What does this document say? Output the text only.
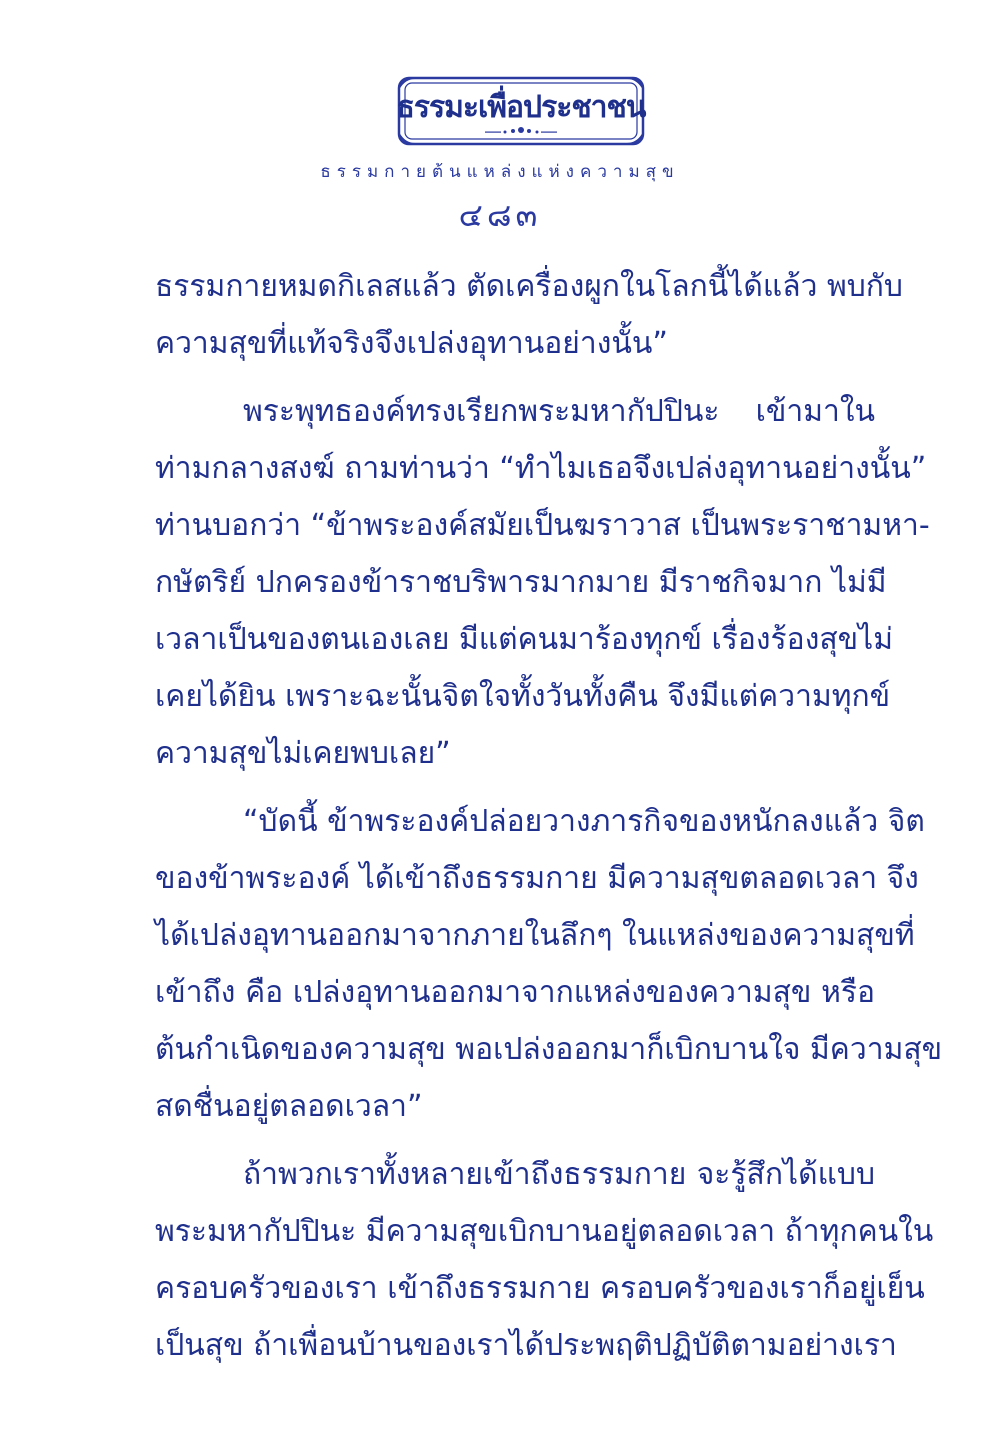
ธรรมะเพื่อประชาชน
ธรรมกายต้นแหล่งแห่งความสุข
๔๘๓

ธรรมกายหมดกิเลสแล้ว ตัดเครื่องผูกในโลกนี้ได้แล้ว พบกับ
ความสุขที่แท้จริงจึงเปล่งอุทานอย่างนั้น”

พระพุทธองค์ทรงเรียกพระมหากัปปินะ เข้ามาใน
ท่ามกลางสงฆ์ ถามท่านว่า “ทำไมเธอจึงเปล่งอุทานอย่างนั้น”
ท่านบอกว่า “ข้าพระองค์สมัยเป็นฆราวาส เป็นพระราชามหา-
กษัตริย์ ปกครองข้าราชบริพารมากมาย มีราชกิจมาก ไม่มี
เวลาเป็นของตนเองเลย มีแต่คนมาร้องทุกข์ เรื่องร้องสุขไม่
เคยได้ยิน เพราะฉะนั้นจิตใจทั้งวันทั้งคืน จึงมีแต่ความทุกข์
ความสุขไม่เคยพบเลย”

“บัดนี้ ข้าพระองค์ปล่อยวางภารกิจของหนักลงแล้ว จิต
ของข้าพระองค์ ได้เข้าถึงธรรมกาย มีความสุขตลอดเวลา จึง
ได้เปล่งอุทานออกมาจากภายในลึกๆ ในแหล่งของความสุขที่
เข้าถึง คือ เปล่งอุทานออกมาจากแหล่งของความสุข หรือ
ต้นกำเนิดของความสุข พอเปล่งออกมาก็เบิกบานใจ มีความสุข
สดชื่นอยู่ตลอดเวลา”

ถ้าพวกเราทั้งหลายเข้าถึงธรรมกาย จะรู้สึกได้แบบ
พระมหากัปปินะ มีความสุขเบิกบานอยู่ตลอดเวลา ถ้าทุกคนใน
ครอบครัวของเรา เข้าถึงธรรมกาย ครอบครัวของเราก็อยู่เย็น
เป็นสุข ถ้าเพื่อนบ้านของเราได้ประพฤติปฏิบัติตามอย่างเรา
